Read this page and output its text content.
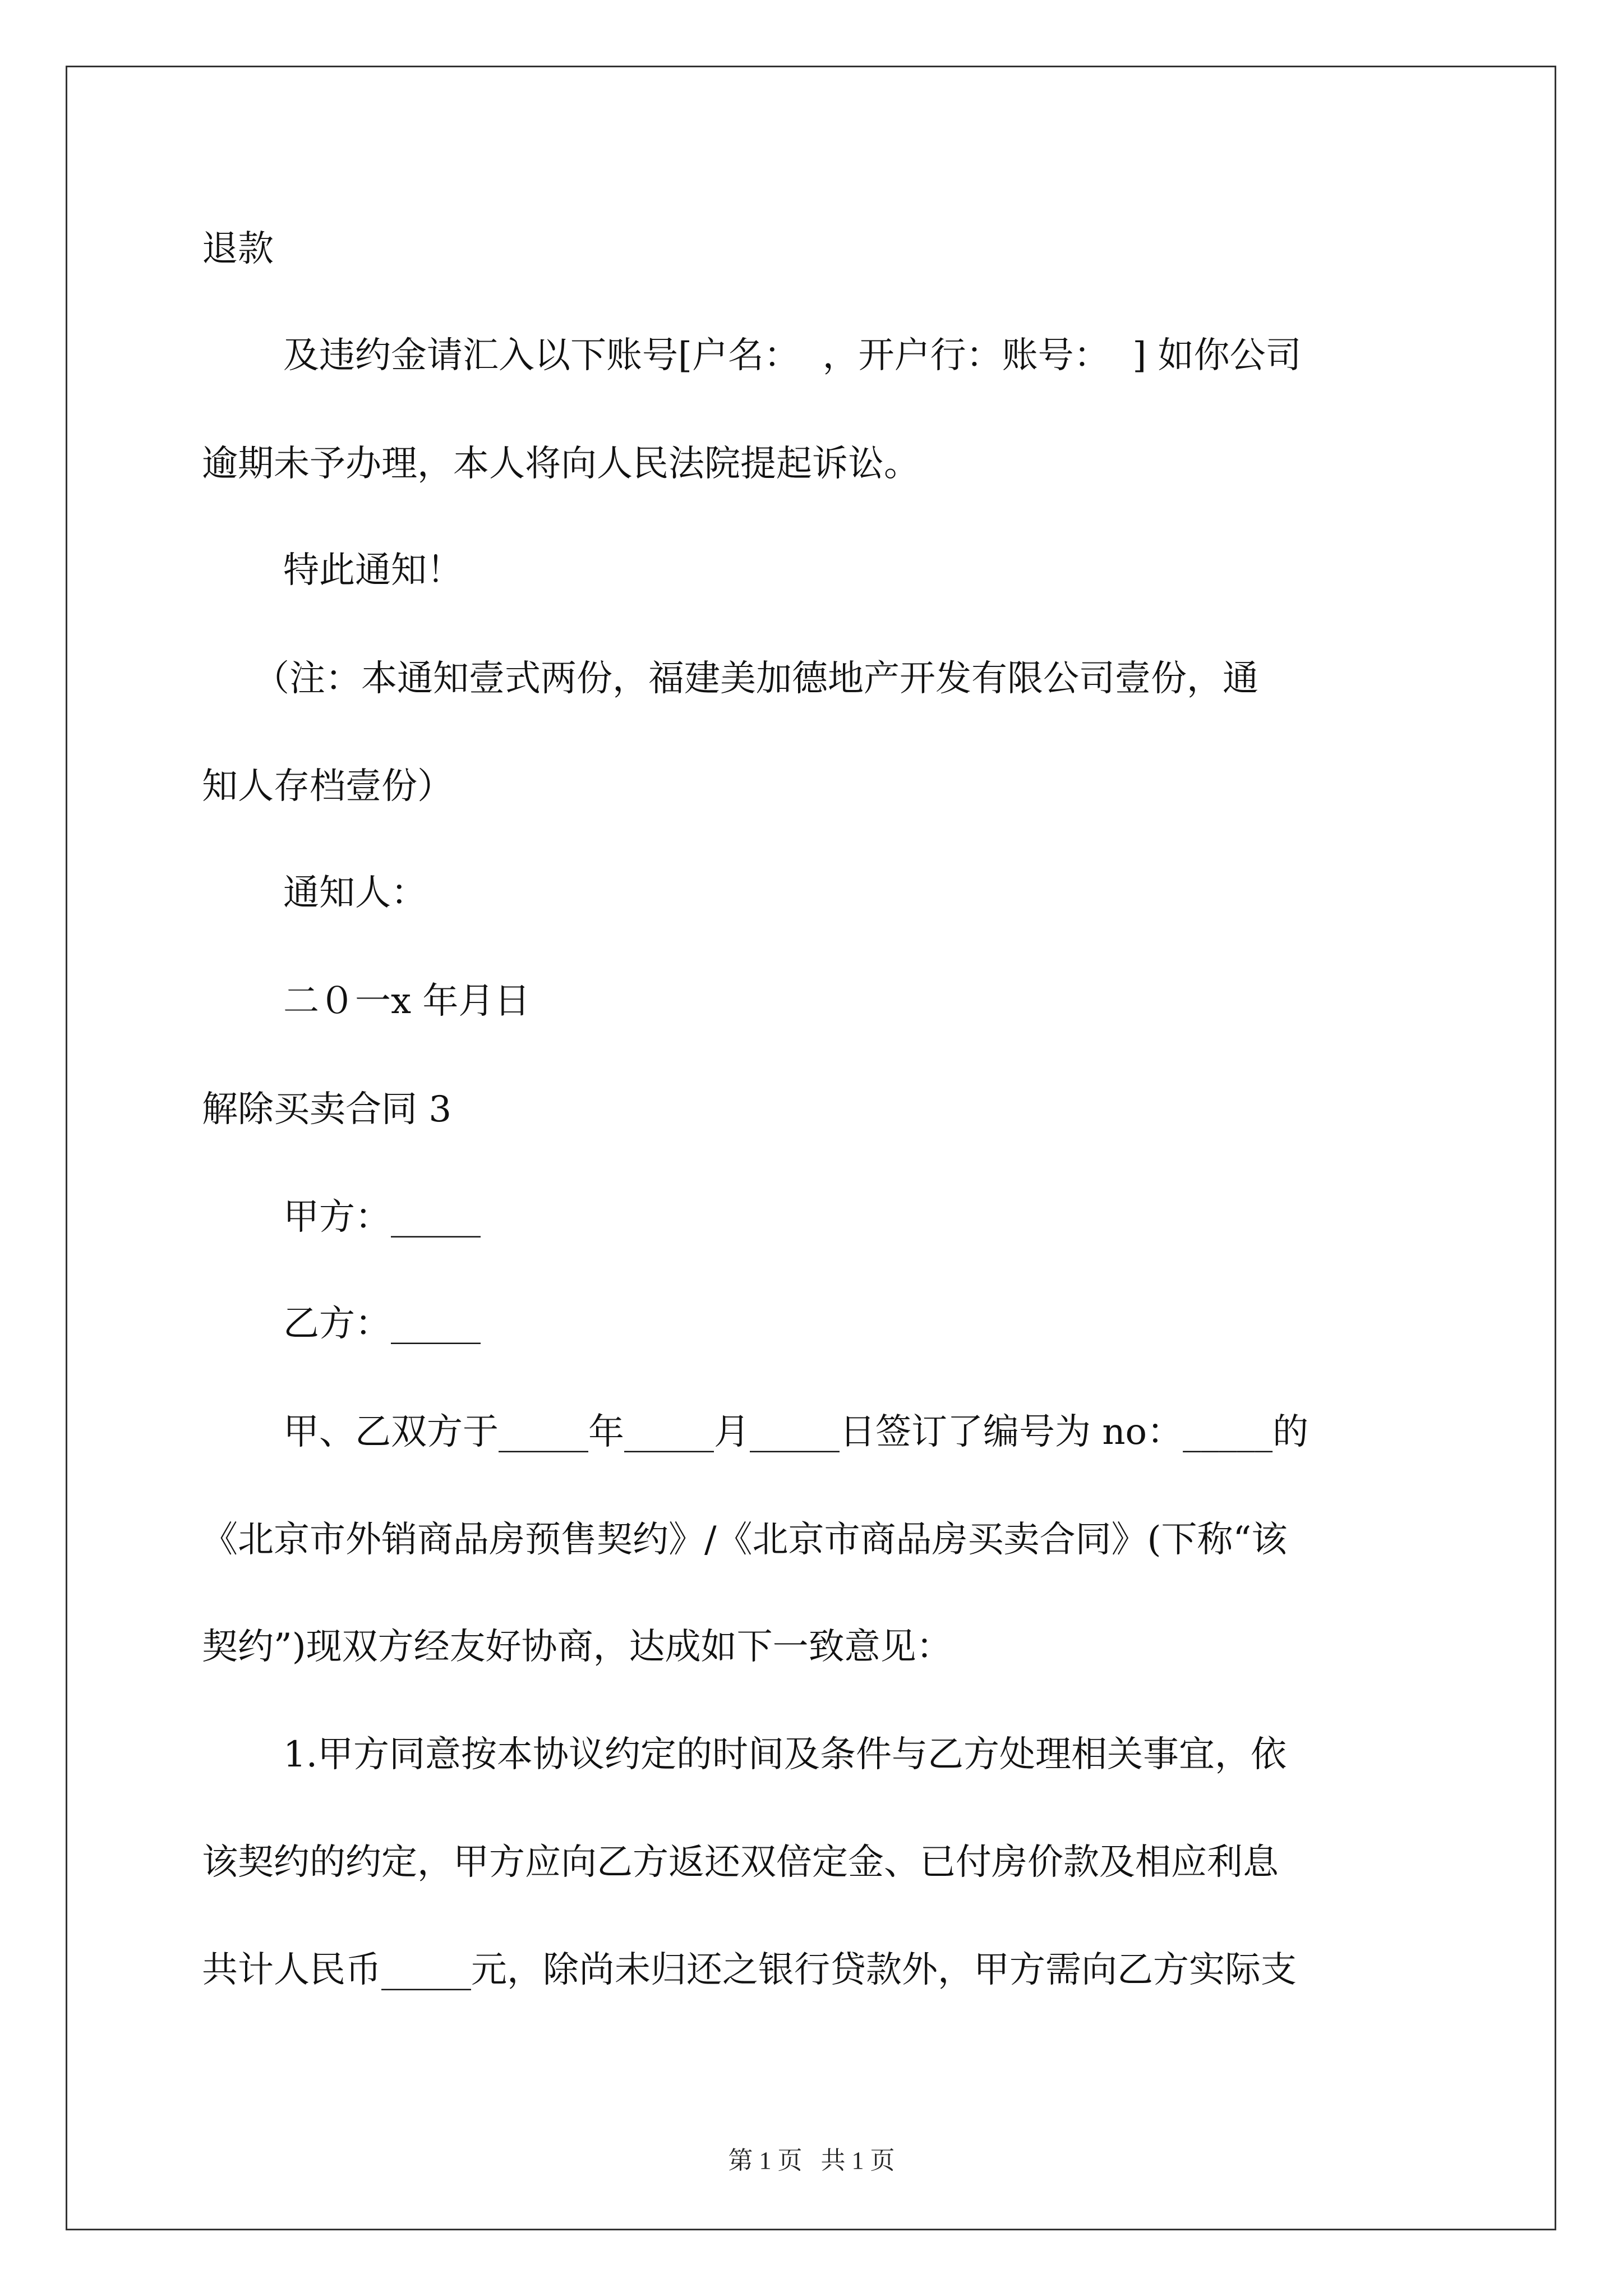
退款
及违约金请汇入以下账号[户名：  ，开户行：账号：  ] 如你公司
逾期未予办理，本人将向人民法院提起诉讼。
特此通知！
（注：本通知壹式两份，福建美加德地产开发有限公司壹份，通
知人存档壹份）
通知人：
二０一x 年月日
解除买卖合同 3
甲方：_____
乙方：_____
甲、乙双方于_____年_____月_____日签订了编号为 no：_____的
《北京市外销商品房预售契约》/《北京市商品房买卖合同》(下称“该
契约”)现双方经友好协商，达成如下一致意见：
1.甲方同意按本协议约定的时间及条件与乙方处理相关事宜，依
该契约的约定，甲方应向乙方返还双倍定金、已付房价款及相应利息
共计人民币_____元，除尚未归还之银行贷款外，甲方需向乙方实际支
第 1 页   共 1 页
